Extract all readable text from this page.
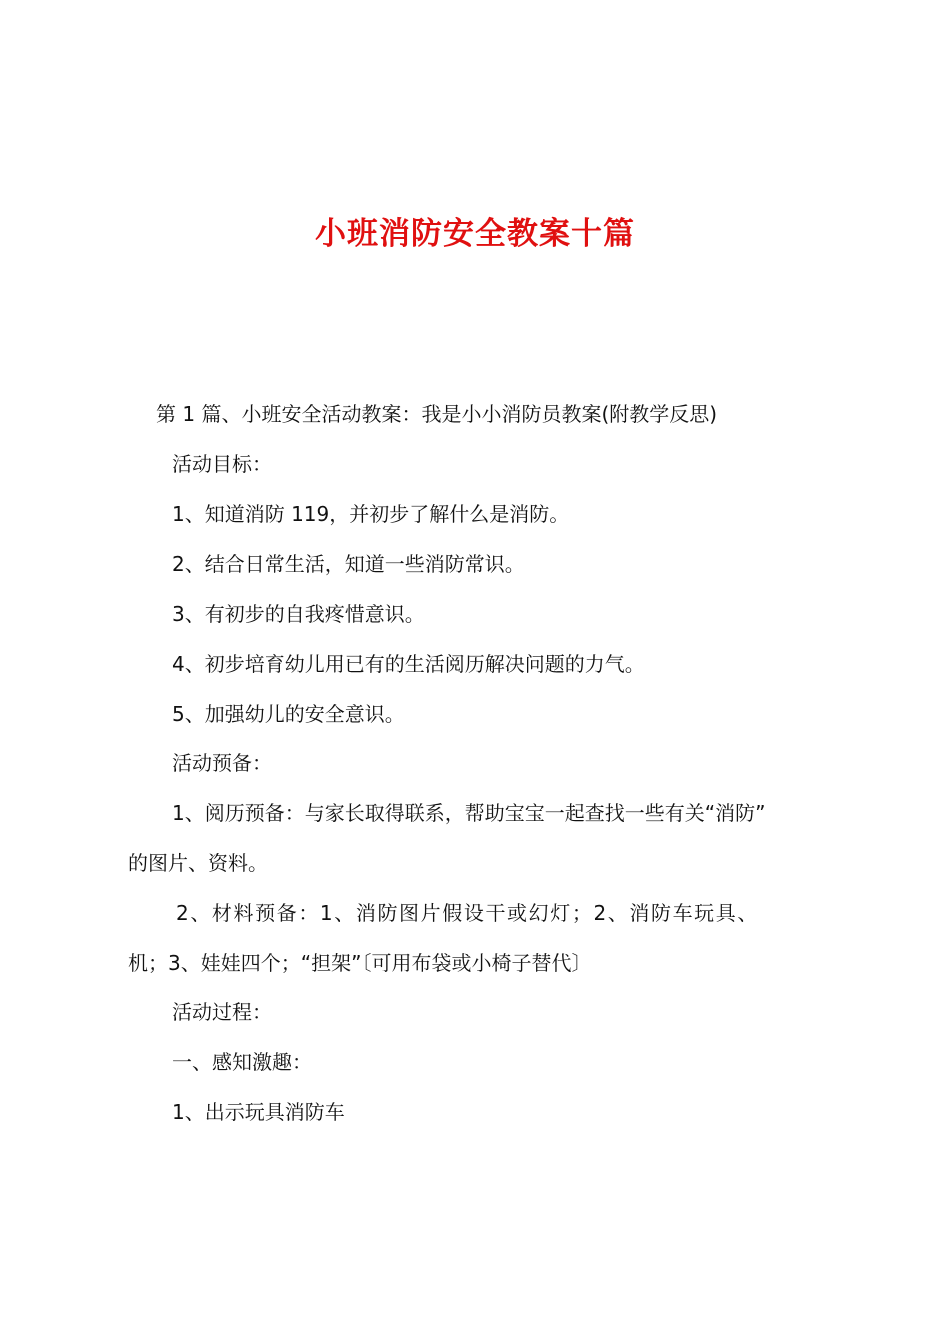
小班消防安全教案十篇
第 1 篇、小班安全活动教案：我是小小消防员教案(附教学反思)
活动目标：
1、知道消防 119，并初步了解什么是消防。
2、结合日常生活，知道一些消防常识。
3、有初步的自我疼惜意识。
4、初步培育幼儿用已有的生活阅历解决问题的力气。
5、加强幼儿的安全意识。
活动预备：
1、阅历预备：与家长取得联系，帮助宝宝一起查找一些有关“消防”
的图片、资料。
2、材料预备：1、消防图片假设干或幻灯；2、消防车玩具、
机；3、娃娃四个；“担架”〔可用布袋或小椅子替代〕
活动过程：
一、感知激趣：
1、出示玩具消防车
